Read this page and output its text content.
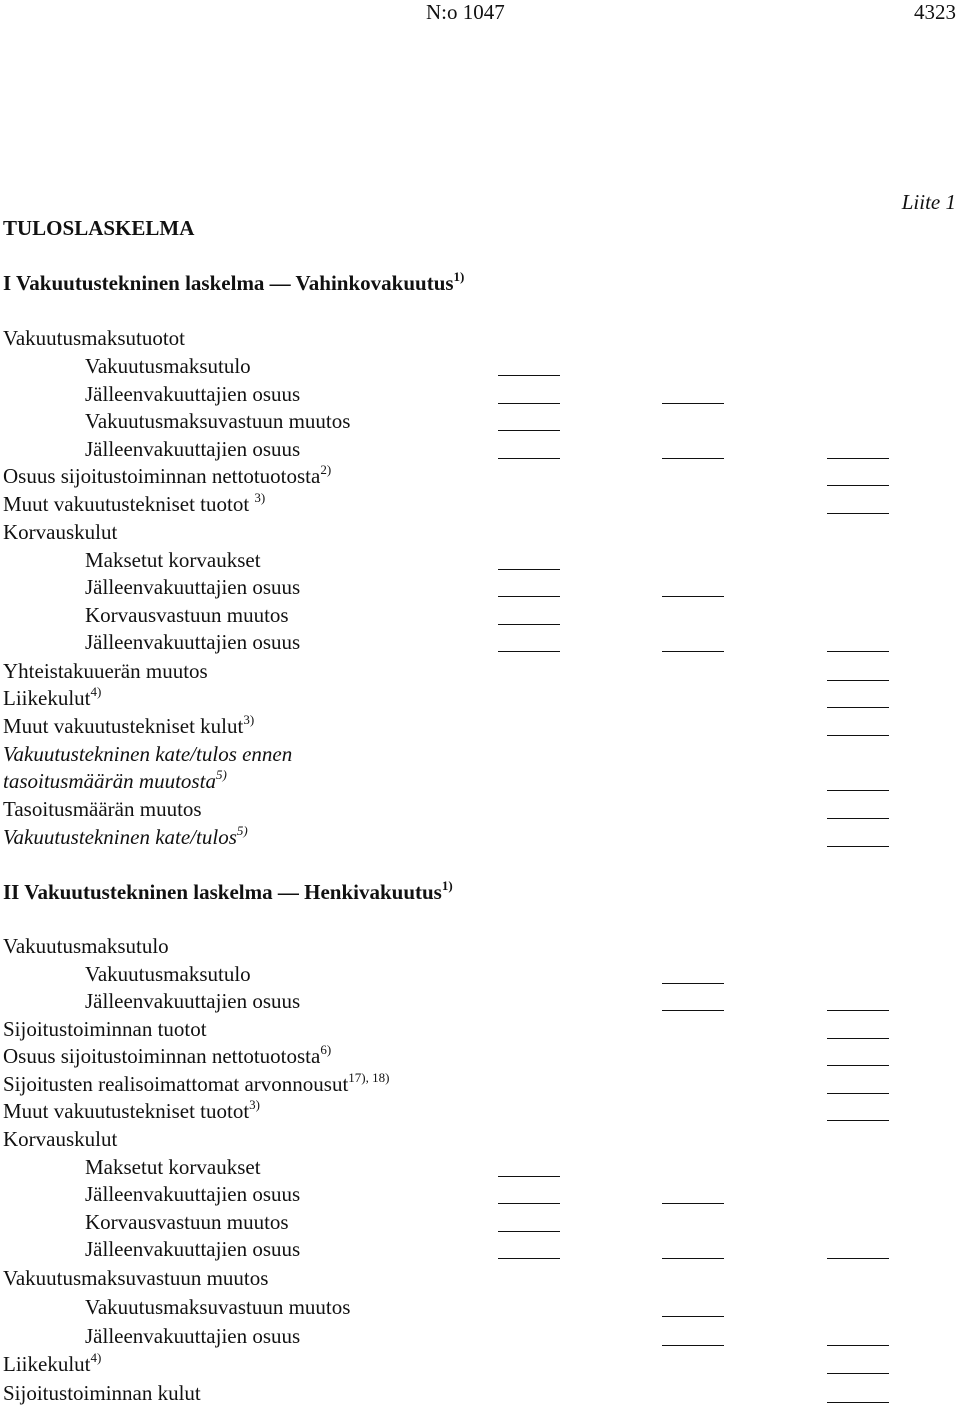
N:o 1047	4323
Liite 1
TULOSLASKELMA
I Vakuutustekninen laskelma — Vahinkovakuutus$^{1)}$
Vakuutusmaksutuotot
Vakuutusmaksutulo
Jälleenvakuuttajien osuus
Vakuutusmaksuvastuun muutos
Jälleenvakuuttajien osuus
Osuus sijoitustoiminnan nettotuotosta$^{2)}$
Muut vakuutustekniset tuotot $^{3)}$
Korvauskulut
Maksetut korvaukset
Jälleenvakuuttajien osuus
Korvausvastuun muutos
Jälleenvakuuttajien osuus
Yhteistakuuerän muutos
Liikekulut$^{4)}$
Muut vakuutustekniset kulut$^{3)}$
Vakuutustekninen kate/tulos ennen
tasoitusmäärän muutosta$^{5)}$
Tasoitusmäärän muutos
Vakuutustekninen kate/tulos$^{5)}$
II Vakuutustekninen laskelma — Henkivakuutus$^{1)}$
Vakuutusmaksutulo
Vakuutusmaksutulo
Jälleenvakuuttajien osuus
Sijoitustoiminnan tuotot
Osuus sijoitustoiminnan nettotuotosta$^{6)}$
Sijoitusten realisoimattomat arvonnousut$^{17), 18)}$
Muut vakuutustekniset tuotot$^{3)}$
Korvauskulut
Maksetut korvaukset
Jälleenvakuuttajien osuus
Korvausvastuun muutos
Jälleenvakuuttajien osuus
Vakuutusmaksuvastuun muutos
Vakuutusmaksuvastuun muutos
Jälleenvakuuttajien osuus
Liikekulut$^{4)}$
Sijoitustoiminnan kulut
